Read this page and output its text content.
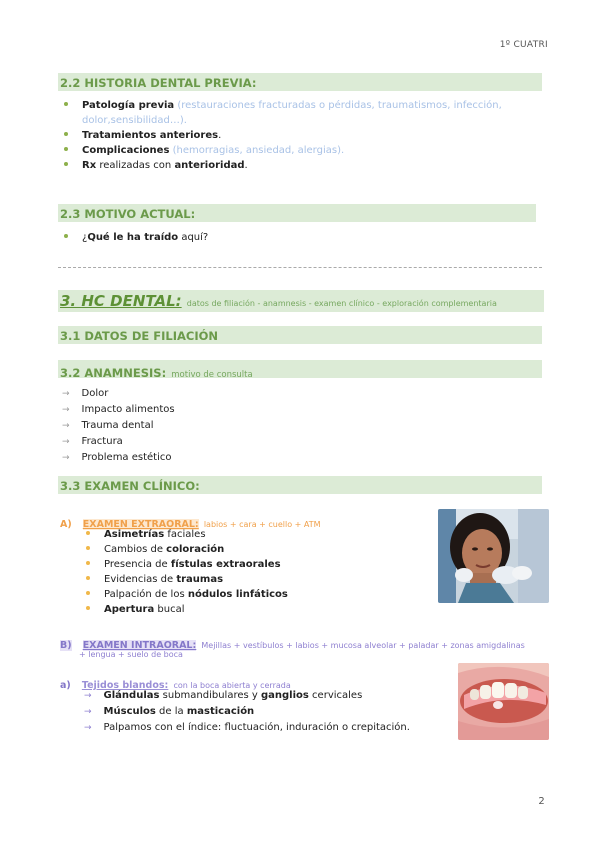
1º CUATRI
2.2 HISTORIA DENTAL PREVIA:
Patología previa (restauraciones fracturadas o pérdidas, traumatismos, infección,
dolor,sensibilidad…).
Tratamientos anteriores.
Complicaciones (hemorragias, ansiedad, alergias).
Rx realizadas con anterioridad.
2.3 MOTIVO ACTUAL:
¿Qué le ha traído aquí?
3. HC DENTAL: datos de filiación - anamnesis - examen clínico - exploración complementaria
3.1 DATOS DE FILIACIÓN
3.2 ANAMNESIS: motivo de consulta
→ Dolor
→ Impacto alimentos
→ Trauma dental
→ Fractura
→ Problema estético
3.3 EXAMEN CLÍNICO:
A) EXAMEN EXTRAORAL: labios + cara + cuello + ATM
Asimetrías faciales
Cambios de coloración
Presencia de fístulas extraorales
Evidencias de traumas
Palpación de los nódulos linfáticos
Apertura bucal
B) EXAMEN INTRAORAL: Mejillas + vestíbulos + labios + mucosa alveolar + paladar + zonas amigdalinas
+ lengua + suelo de boca
a) Tejidos blandos: con la boca abierta y cerrada
→ Glándulas submandibulares y ganglios cervicales
→ Músculos de la masticación
→ Palpamos con el índice: fluctuación, induración o crepitación.
2
